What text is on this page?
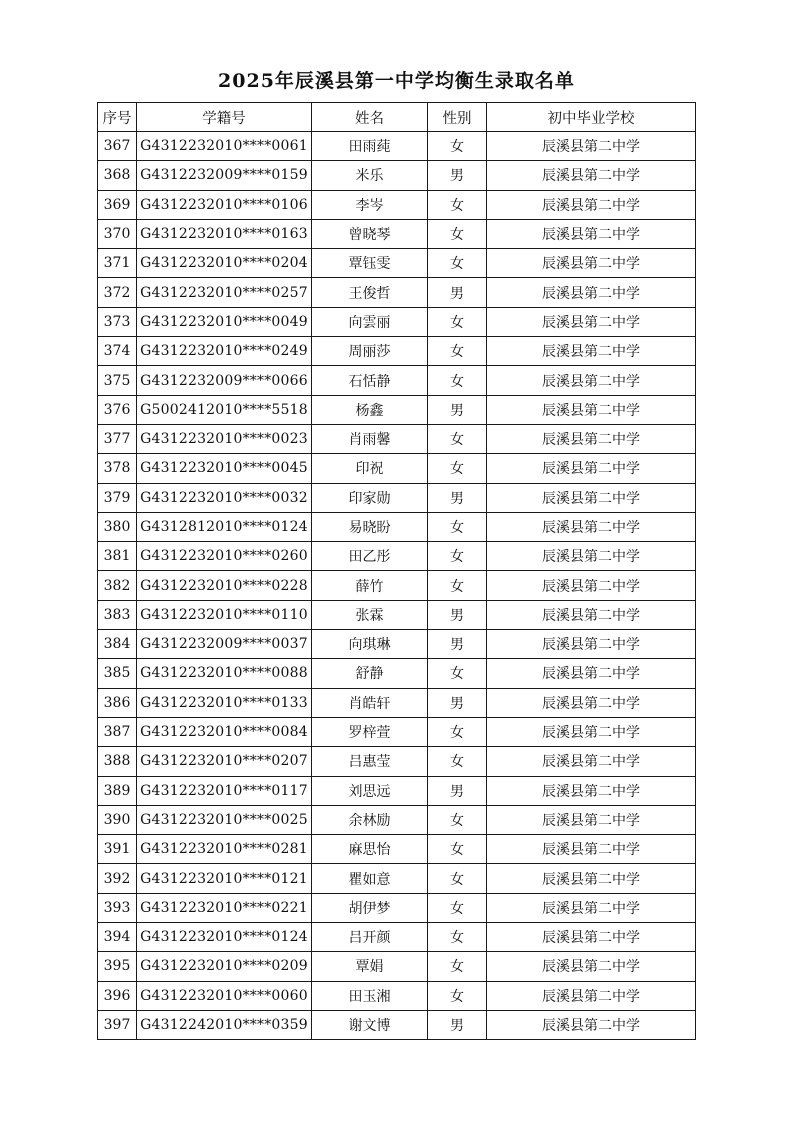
2025年辰溪县第一中学均衡生录取名单
序号	学籍号	姓名	性别	初中毕业学校
367	G4312232010****0061	田雨莼	女	辰溪县第二中学
368	G4312232009****0159	米乐	男	辰溪县第二中学
369	G4312232010****0106	李岑	女	辰溪县第二中学
370	G4312232010****0163	曾晓琴	女	辰溪县第二中学
371	G4312232010****0204	覃钰雯	女	辰溪县第二中学
372	G4312232010****0257	王俊哲	男	辰溪县第二中学
373	G4312232010****0049	向雲丽	女	辰溪县第二中学
374	G4312232010****0249	周丽莎	女	辰溪县第二中学
375	G4312232009****0066	石恬静	女	辰溪县第二中学
376	G5002412010****5518	杨鑫	男	辰溪县第二中学
377	G4312232010****0023	肖雨馨	女	辰溪县第二中学
378	G4312232010****0045	印祝	女	辰溪县第二中学
379	G4312232010****0032	印家勋	男	辰溪县第二中学
380	G4312812010****0124	易晓盼	女	辰溪县第二中学
381	G4312232010****0260	田乙彤	女	辰溪县第二中学
382	G4312232010****0228	薛竹	女	辰溪县第二中学
383	G4312232010****0110	张霖	男	辰溪县第二中学
384	G4312232009****0037	向琪琳	男	辰溪县第二中学
385	G4312232010****0088	舒静	女	辰溪县第二中学
386	G4312232010****0133	肖皓轩	男	辰溪县第二中学
387	G4312232010****0084	罗梓萱	女	辰溪县第二中学
388	G4312232010****0207	吕惠莹	女	辰溪县第二中学
389	G4312232010****0117	刘思远	男	辰溪县第二中学
390	G4312232010****0025	余林励	女	辰溪县第二中学
391	G4312232010****0281	麻思怡	女	辰溪县第二中学
392	G4312232010****0121	瞿如意	女	辰溪县第二中学
393	G4312232010****0221	胡伊梦	女	辰溪县第二中学
394	G4312232010****0124	吕开颜	女	辰溪县第二中学
395	G4312232010****0209	覃娟	女	辰溪县第二中学
396	G4312232010****0060	田玉湘	女	辰溪县第二中学
397	G4312242010****0359	谢文博	男	辰溪县第二中学
